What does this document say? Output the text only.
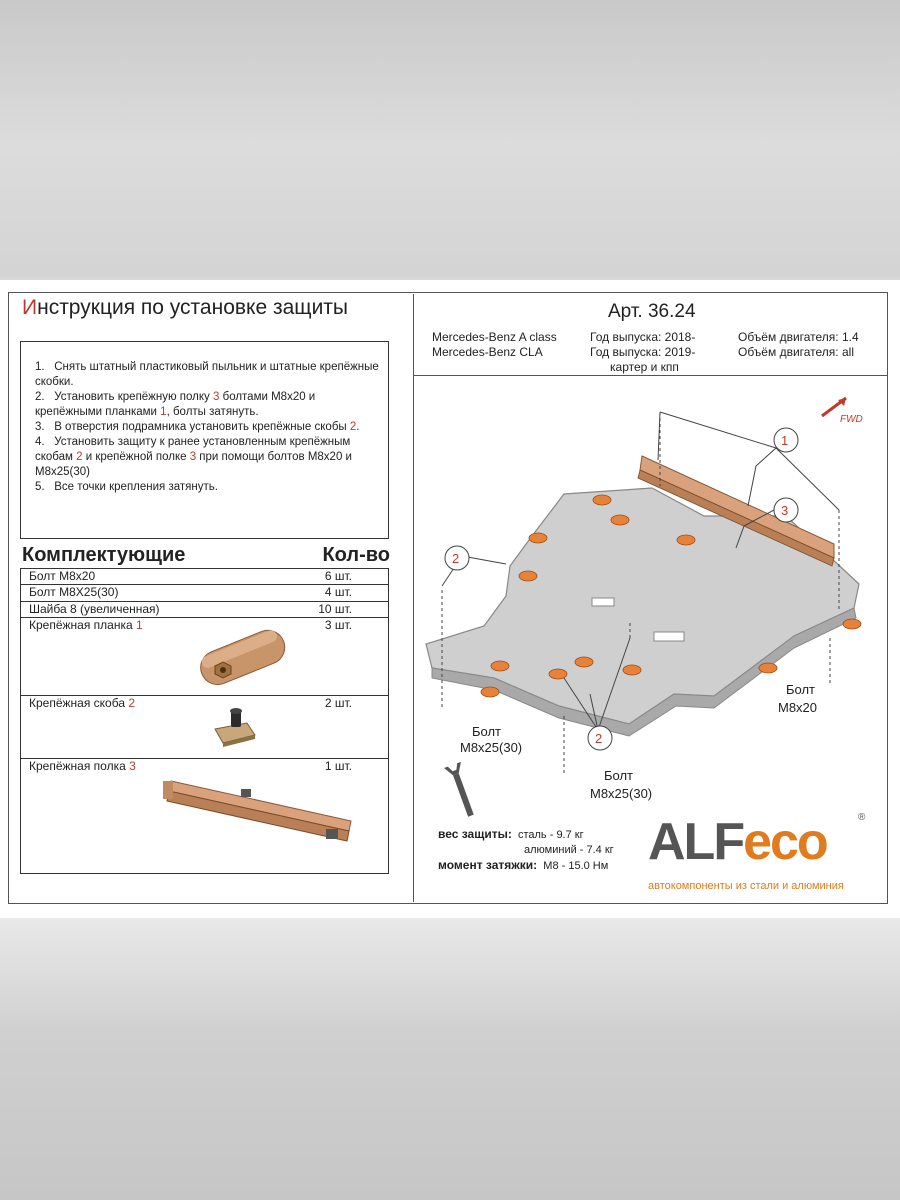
Инструкция по установке защиты

1. Снять штатный пластиковый пыльник и штатные крепёжные скобки.

2. Установить крепёжную полку 3 болтами М8х20 и крепёжными планками 1, болты затянуть.

3. В отверстия подрамника установить крепёжные скобы 2.

4. Установить защиту к ранее установленным крепёжным скобам 2 и крепёжной полке 3 при помощи болтов М8х20 и М8х25(30)

5. Все точки крепления затянуть.

Комплектующие	Кол-во
Болт М8х20	6 шт.
Болт М8Х25(30)	4 шт.
Шайба 8 (увеличенная)	10 шт.
Крепёжная планка 1	3 шт.
Крепёжная скоба 2	2 шт.
Крепёжная полка 3	1 шт.
Арт. 36.24
Mercedes-Benz A class
Mercedes-Benz CLA
Год выпуска: 2018-
Год выпуска: 2019-
картер и кпп
Объём двигателя: 1.4
Объём двигателя: all
FWD
1
3
2
2
Болт
М8х20
Болт
М8х25(30)
Болт
М8х25(30)
вес защиты: сталь - 9.7 кг
алюминий - 7.4 кг
момент затяжки: М8 - 15.0 Нм ALFeco	®
автокомпоненты из стали и алюминия
